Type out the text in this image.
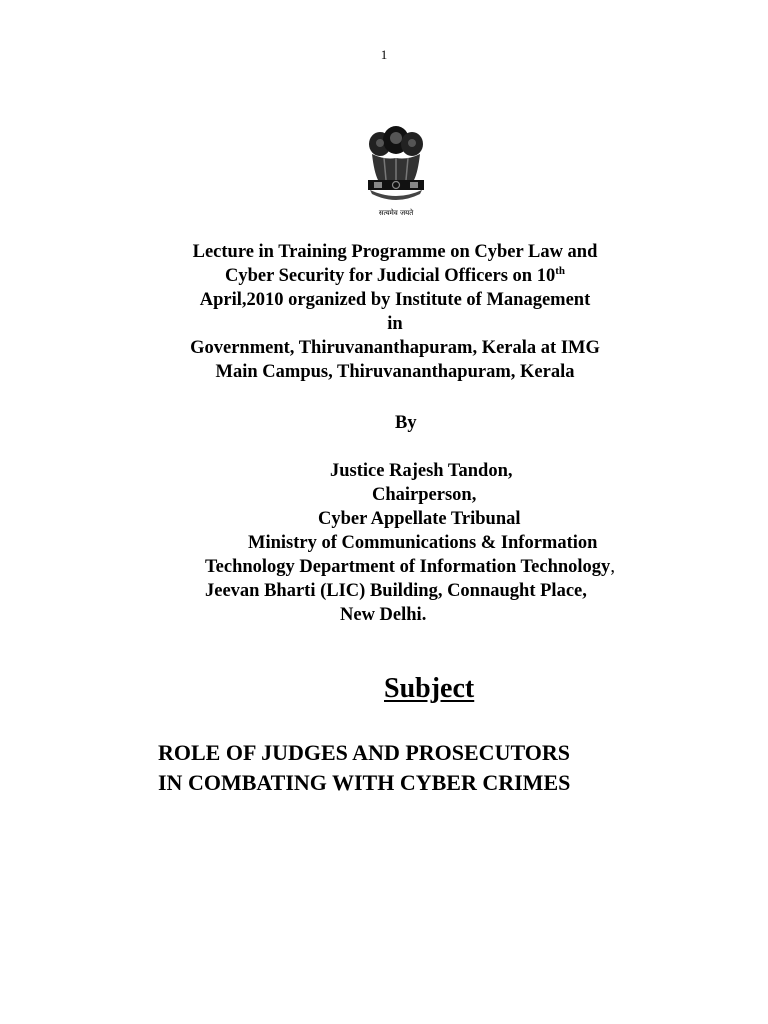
1
सत्यमेव जयते
Lecture in Training Programme on Cyber Law and
Cyber Security for Judicial Officers on 10th
April,2010 organized by Institute of Management in
Government, Thiruvananthapuram, Kerala at IMG
Main Campus, Thiruvananthapuram, Kerala
By
Justice Rajesh Tandon,
Chairperson,
Cyber Appellate Tribunal
Ministry of Communications & Information
Technology Department of Information Technology,
Jeevan Bharti (LIC) Building, Connaught Place,
New Delhi.
Subject
ROLE OF JUDGES AND PROSECUTORS
IN COMBATING WITH CYBER CRIMES
